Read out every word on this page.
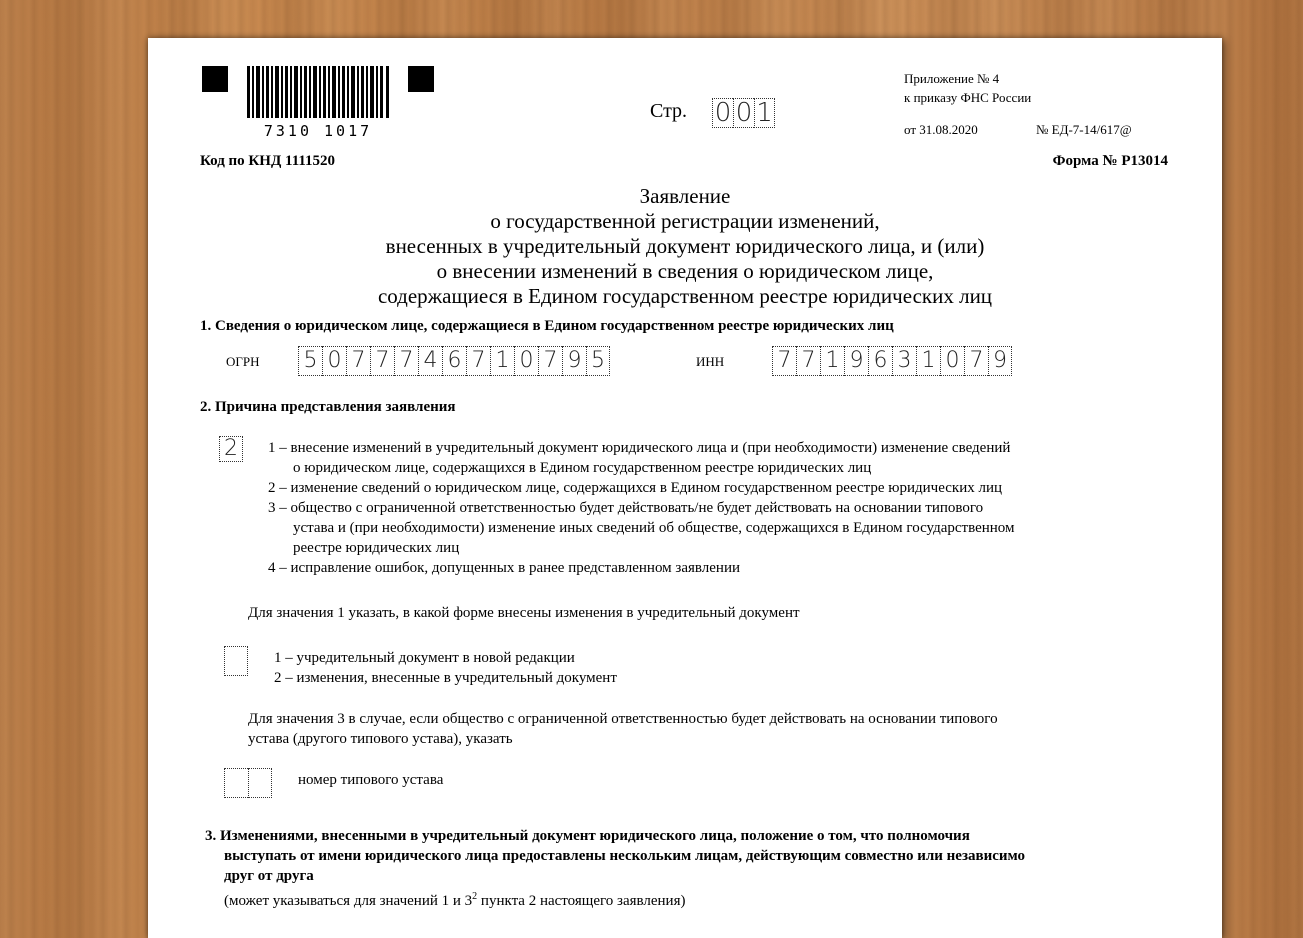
7310 1017
Стр. 0 0 1
Приложение № 4
к приказу ФНС России
от 31.08.2020	№ ЕД-7-14/617@
Код по КНД 1111520	Форма № Р13014
Заявление
о государственной регистрации изменений,
внесенных в учредительный документ юридического лица, и (или)
о внесении изменений в сведения о юридическом лице,
содержащиеся в Едином государственном реестре юридических лиц
1. Сведения о юридическом лице, содержащиеся в Едином государственном реестре юридических лиц
ОГРН 5 0 7 7 7 4 6 7 1 0 7 9 5	ИНН 7 7 1 9 6 3 1 0 7 9
2. Причина представления заявления
2	1 – внесение изменений в учредительный документ юридического лица и (при необходимости) изменение сведений
о юридическом лице, содержащихся в Едином государственном реестре юридических лиц
2 – изменение сведений о юридическом лице, содержащихся в Едином государственном реестре юридических лиц
3 – общество с ограниченной ответственностью будет действовать/не будет действовать на основании типового
устава и (при необходимости) изменение иных сведений об обществе, содержащихся в Едином государственном
реестре юридических лиц
4 – исправление ошибок, допущенных в ранее представленном заявлении
Для значения 1 указать, в какой форме внесены изменения в учредительный документ
1 – учредительный документ в новой редакции
2 – изменения, внесенные в учредительный документ
Для значения 3 в случае, если общество с ограниченной ответственностью будет действовать на основании типового
устава (другого типового устава), указать
номер типового устава
3. Изменениями, внесенными в учредительный документ юридического лица, положение о том, что полномочия
выступать от имени юридического лица предоставлены нескольким лицам, действующим совместно или независимо
друг от друга
(может указываться для значений 1 и $3^2$ пункта 2 настоящего заявления)
